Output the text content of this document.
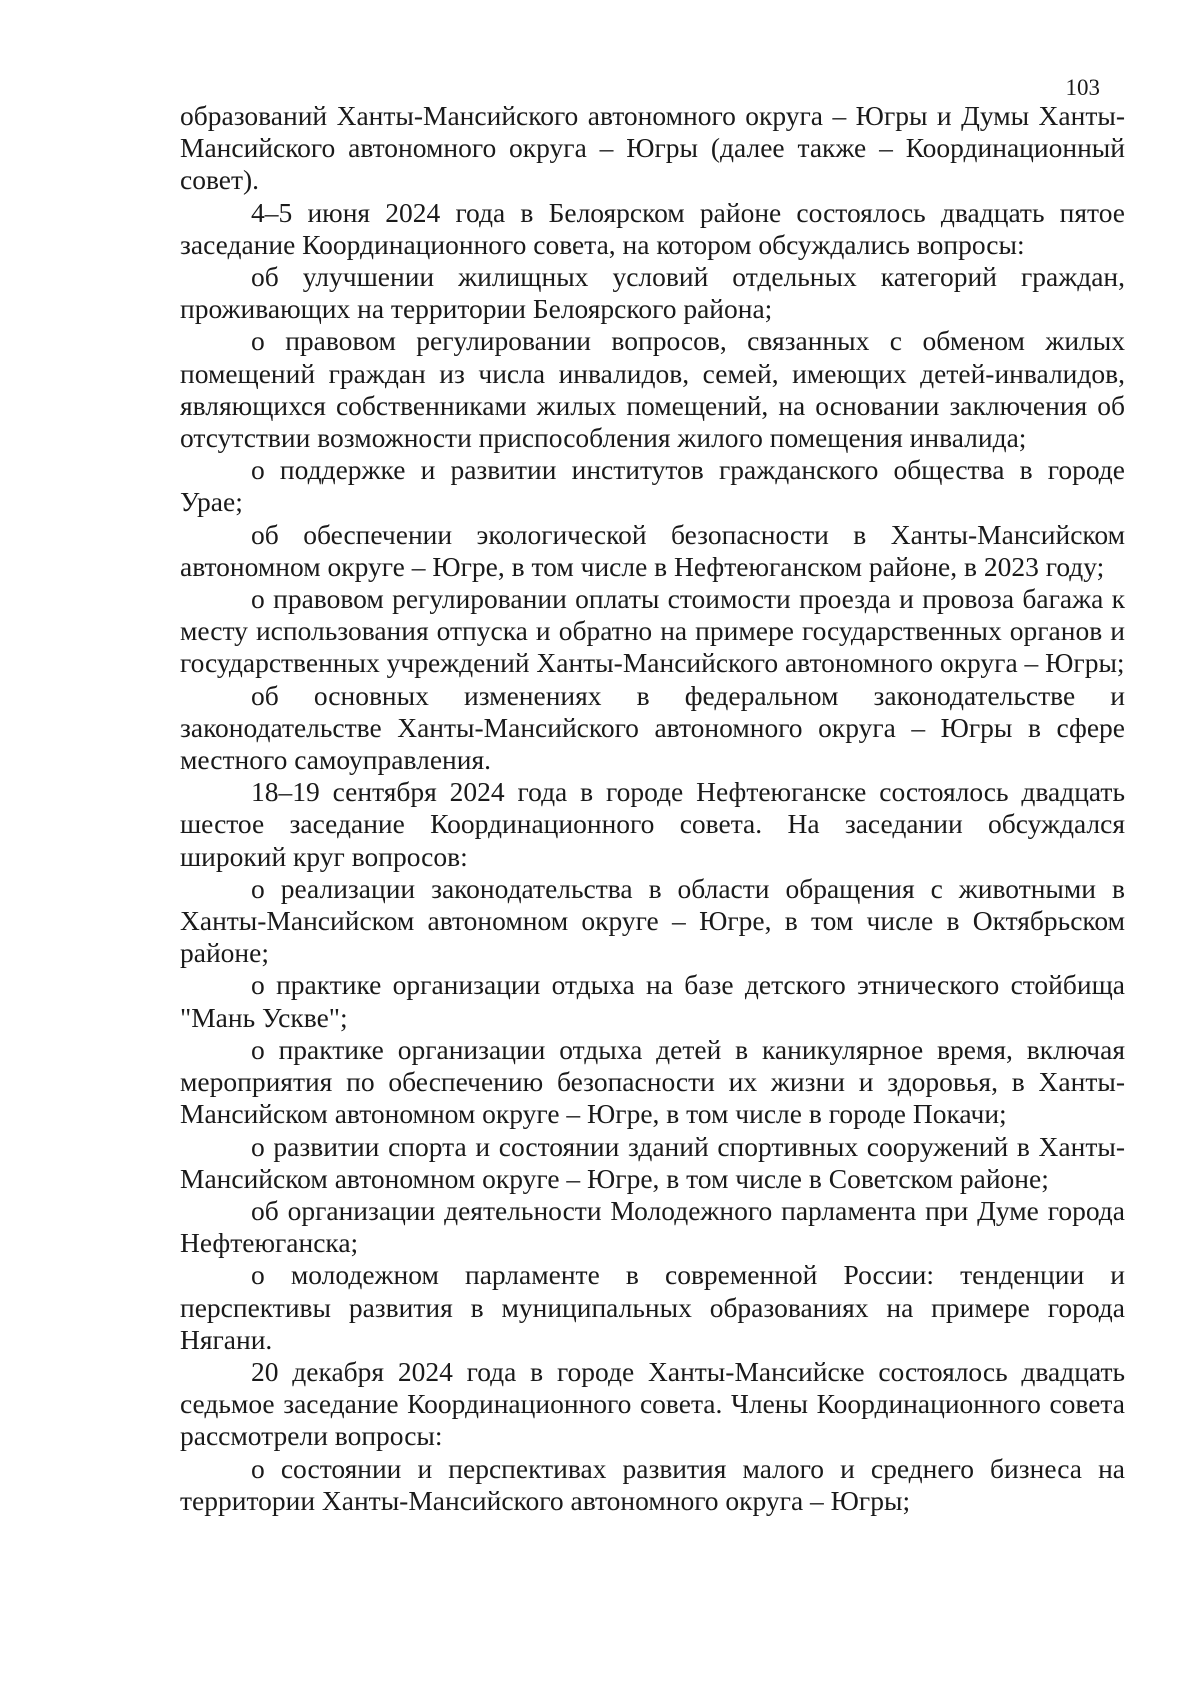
103

образований Ханты-Мансийского автономного округа – Югры и Думы Ханты-Мансийского автономного округа – Югры (далее также – Координационный совет).

4–5 июня 2024 года в Белоярском районе состоялось двадцать пятое заседание Координационного совета, на котором обсуждались вопросы:

об улучшении жилищных условий отдельных категорий граждан, проживающих на территории Белоярского района;

о правовом регулировании вопросов, связанных с обменом жилых помещений граждан из числа инвалидов, семей, имеющих детей-инвалидов, являющихся собственниками жилых помещений, на основании заключения об отсутствии возможности приспособления жилого помещения инвалида;

о поддержке и развитии институтов гражданского общества в городе Урае;

об обеспечении экологической безопасности в Ханты-Мансийском автономном округе – Югре, в том числе в Нефтеюганском районе, в 2023 году;

о правовом регулировании оплаты стоимости проезда и провоза багажа к месту использования отпуска и обратно на примере государственных органов и государственных учреждений Ханты-Мансийского автономного округа – Югры;

об основных изменениях в федеральном законодательстве и законодательстве Ханты-Мансийского автономного округа – Югры в сфере местного самоуправления.

18–19 сентября 2024 года в городе Нефтеюганске состоялось двадцать шестое заседание Координационного совета. На заседании обсуждался широкий круг вопросов:

о реализации законодательства в области обращения с животными в Ханты-Мансийском автономном округе – Югре, в том числе в Октябрьском районе;

о практике организации отдыха на базе детского этнического стойбища "Мань Ускве";

о практике организации отдыха детей в каникулярное время, включая мероприятия по обеспечению безопасности их жизни и здоровья, в Ханты-Мансийском автономном округе – Югре, в том числе в городе Покачи;

о развитии спорта и состоянии зданий спортивных сооружений в Ханты-Мансийском автономном округе – Югре, в том числе в Советском районе;

об организации деятельности Молодежного парламента при Думе города Нефтеюганска;

о молодежном парламенте в современной России: тенденции и перспективы развития в муниципальных образованиях на примере города Нягани.

20 декабря 2024 года в городе Ханты-Мансийске состоялось двадцать седьмое заседание Координационного совета. Члены Координационного совета рассмотрели вопросы:

о состоянии и перспективах развития малого и среднего бизнеса на территории Ханты-Мансийского автономного округа – Югры;
